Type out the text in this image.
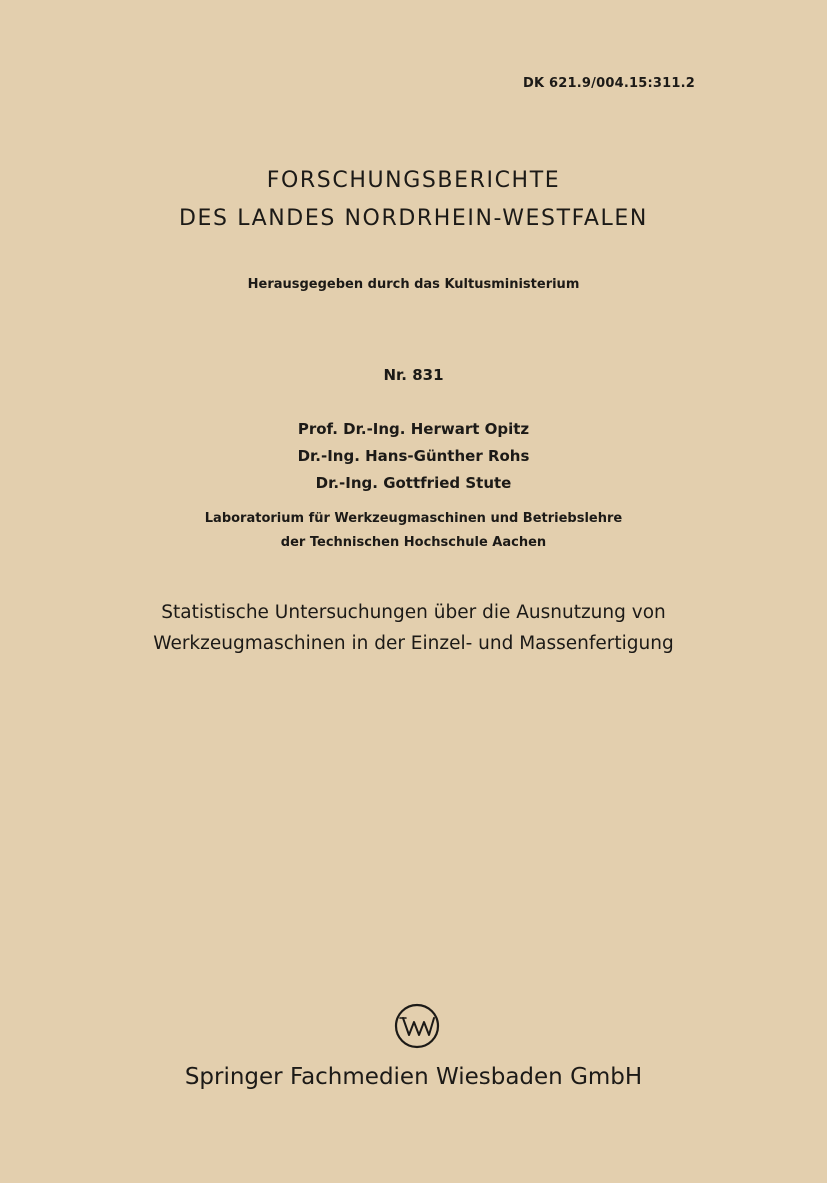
DK 621.9/004.15:311.2
FORSCHUNGSBERICHTE
DES LANDES NORDRHEIN-WESTFALEN
Herausgegeben durch das Kultusministerium
Nr. 831
Prof. Dr.-Ing. Herwart Opitz
Dr.-Ing. Hans-Günther Rohs
Dr.-Ing. Gottfried Stute
Laboratorium für Werkzeugmaschinen und Betriebslehre
der Technischen Hochschule Aachen
Statistische Untersuchungen über die Ausnutzung von
Werkzeugmaschinen in der Einzel- und Massenfertigung
Springer Fachmedien Wiesbaden GmbH
